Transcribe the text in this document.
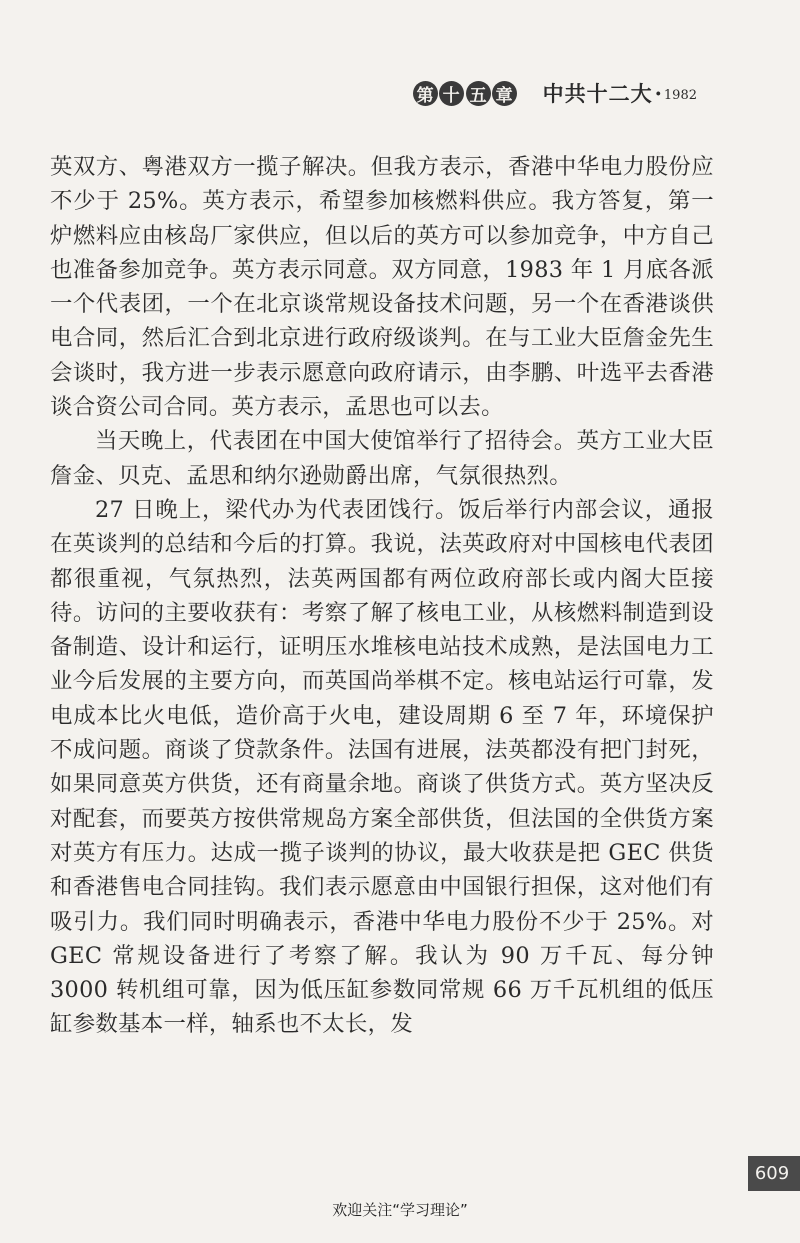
第 十 五 章 中共十二大 · 1982

英双方、粤港双方一揽子解决。但我方表示，香港中华电力股份应不少于 25%。英方表示，希望参加核燃料供应。我方答复，第一炉燃料应由核岛厂家供应，但以后的英方可以参加竞争，中方自己也准备参加竞争。英方表示同意。双方同意，1983 年 1 月底各派一个代表团，一个在北京谈常规设备技术问题，另一个在香港谈供电合同，然后汇合到北京进行政府级谈判。在与工业大臣詹金先生会谈时，我方进一步表示愿意向政府请示，由李鹏、叶选平去香港谈合资公司合同。英方表示，孟思也可以去。

当天晚上，代表团在中国大使馆举行了招待会。英方工业大臣詹金、贝克、孟思和纳尔逊勋爵出席，气氛很热烈。

27 日晚上，梁代办为代表团饯行。饭后举行内部会议，通报在英谈判的总结和今后的打算。我说，法英政府对中国核电代表团都很重视，气氛热烈，法英两国都有两位政府部长或内阁大臣接待。访问的主要收获有：考察了解了核电工业，从核燃料制造到设备制造、设计和运行，证明压水堆核电站技术成熟，是法国电力工业今后发展的主要方向，而英国尚举棋不定。核电站运行可靠，发电成本比火电低，造价高于火电，建设周期 6 至 7 年，环境保护不成问题。商谈了贷款条件。法国有进展，法英都没有把门封死，如果同意英方供货，还有商量余地。商谈了供货方式。英方坚决反对配套，而要英方按供常规岛方案全部供货，但法国的全供货方案对英方有压力。达成一揽子谈判的协议，最大收获是把 GEC 供货和香港售电合同挂钩。我们表示愿意由中国银行担保，这对他们有吸引力。我们同时明确表示，香港中华电力股份不少于 25%。对 GEC 常规设备进行了考察了解。我认为 90 万千瓦、每分钟 3000 转机组可靠，因为低压缸参数同常规 66 万千瓦机组的低压缸参数基本一样，轴系也不太长，发

609
欢迎关注“学习理论”
